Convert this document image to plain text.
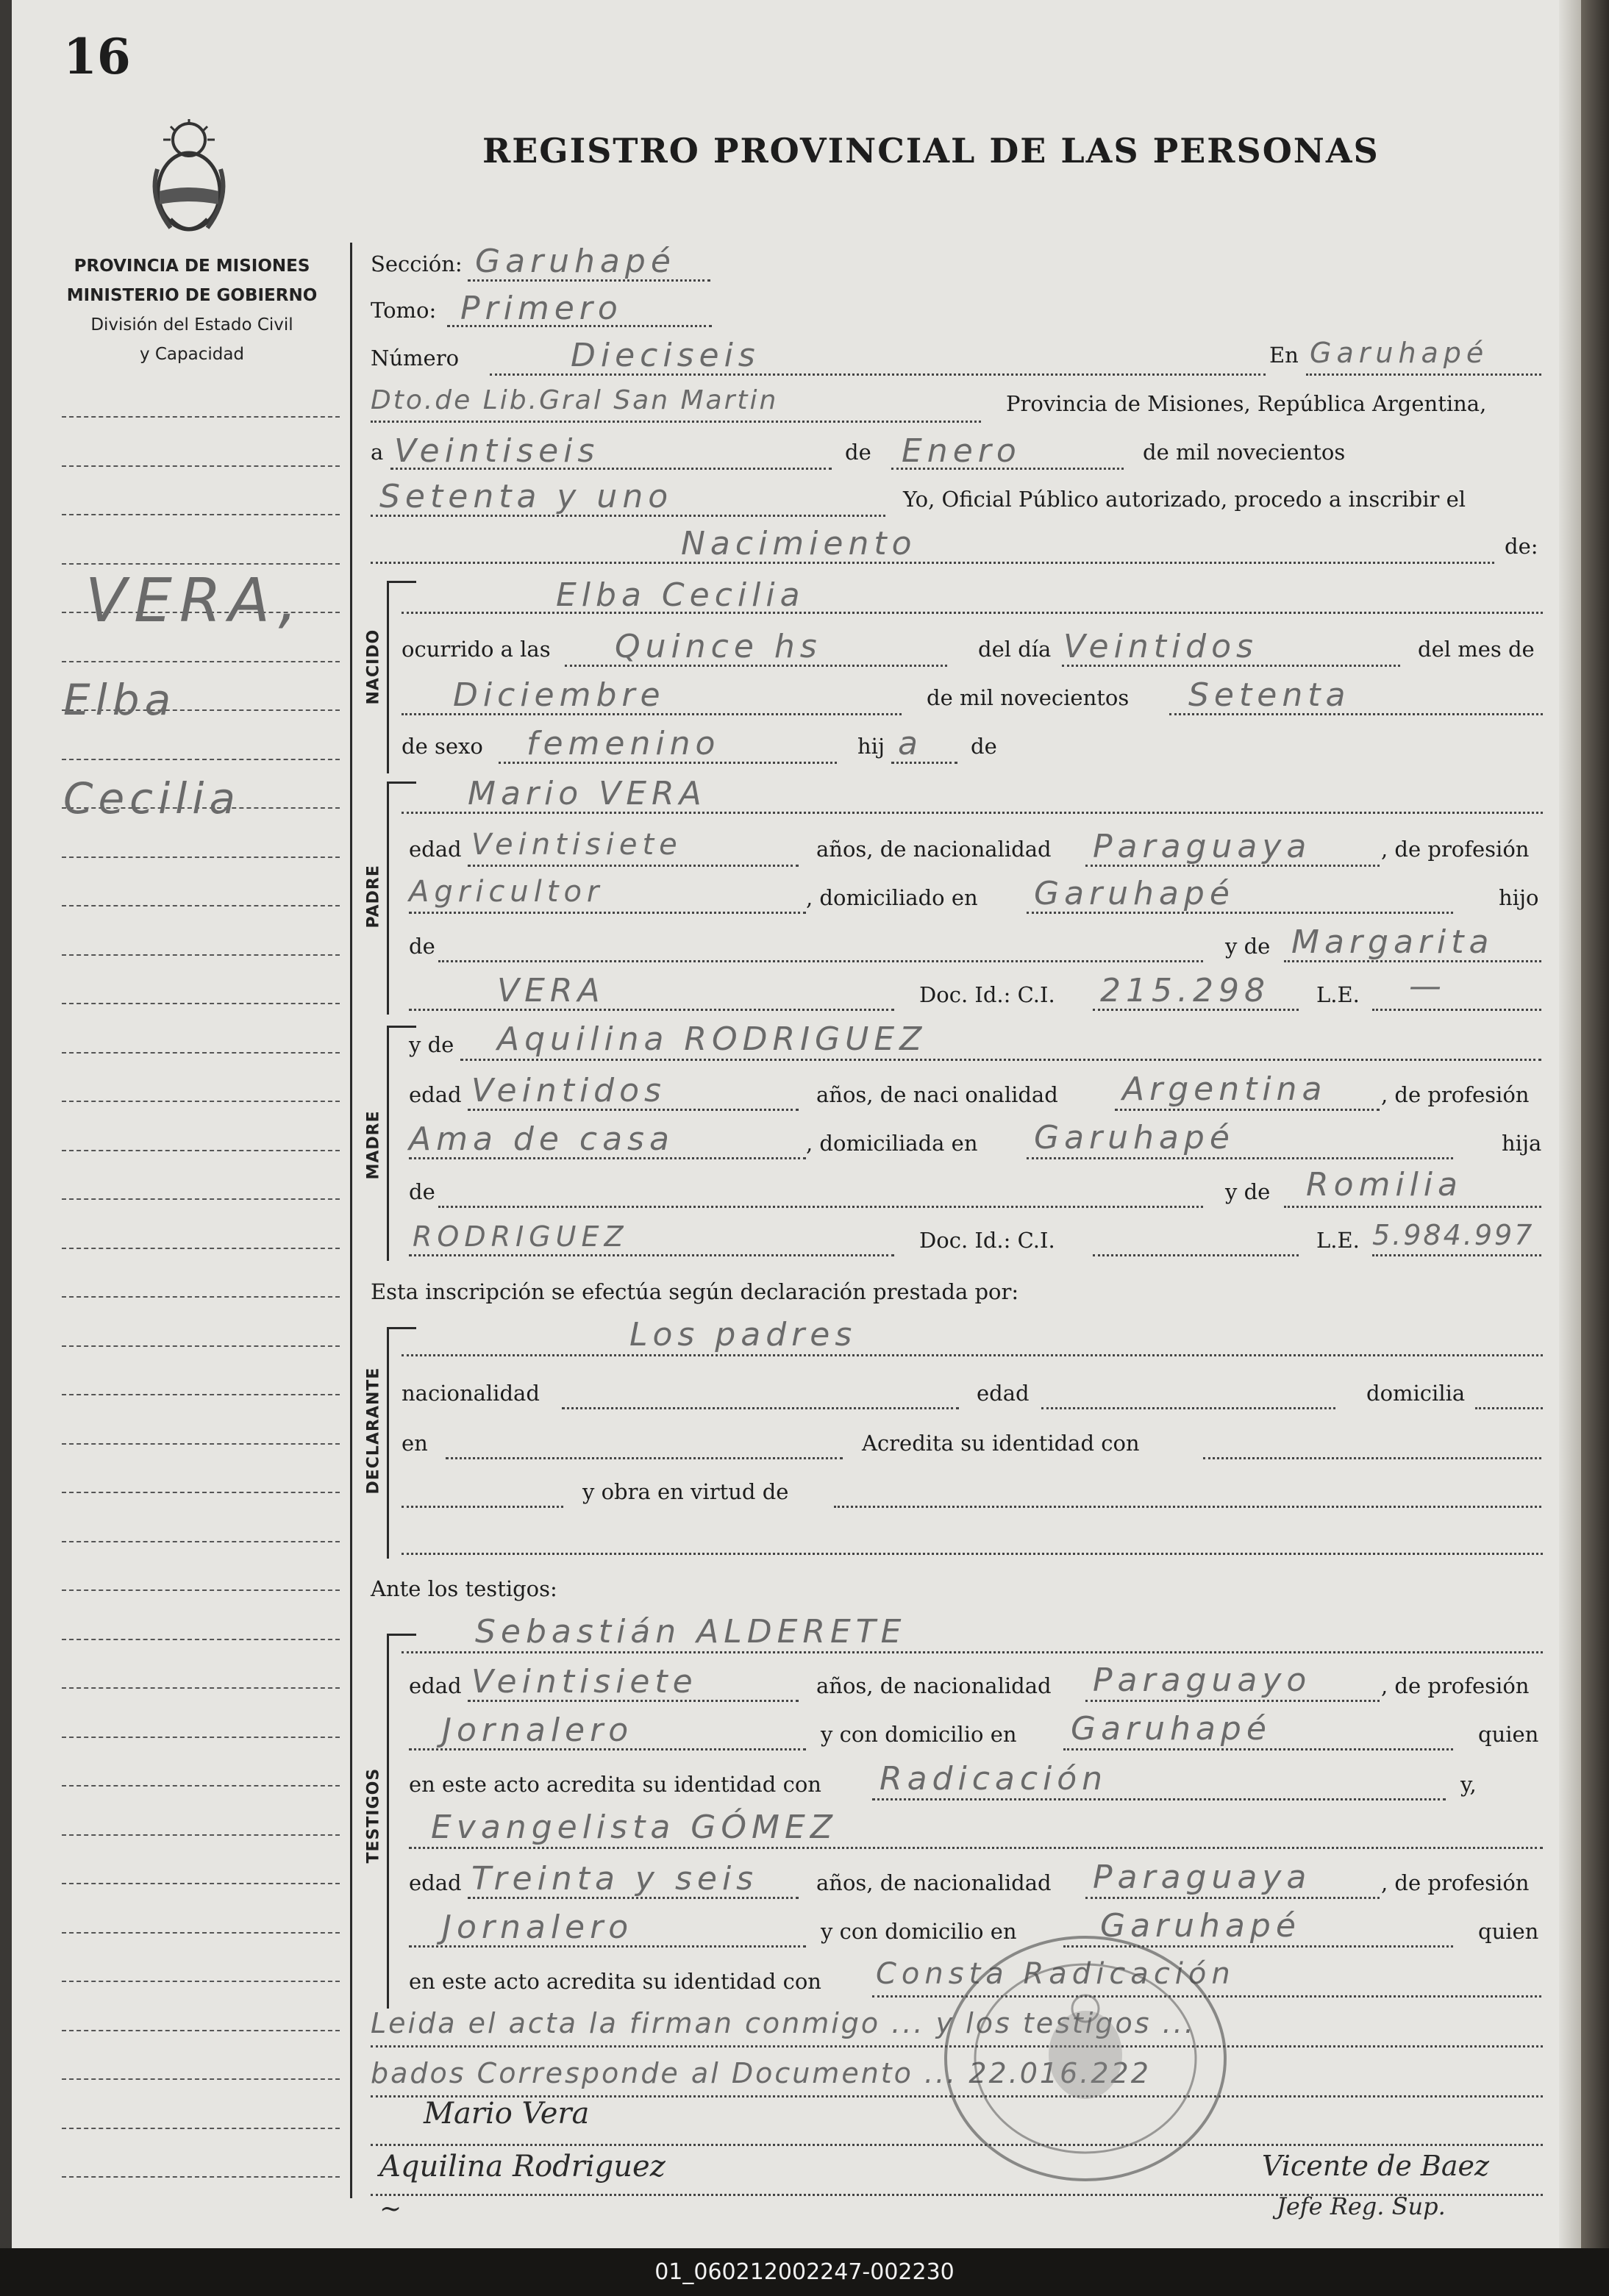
16
REGISTRO PROVINCIAL DE LAS PERSONAS
PROVINCIA DE MISIONES
MINISTERIO DE GOBIERNO
División del Estado Civil
y Capacidad
VERA,
Elba
Cecilia
NACIDO
PADRE
MADRE
DECLARANTE
TESTIGOS
Sección: Garuhapé
Tomo: Primero
Número	Dieciseis	En Garuhapé
Dto.de Lib.Gral San Martin	Provincia de Misiones, República Argentina,
a Veintiseis	de Enero	de mil novecientos
Setenta y uno	Yo, Oficial Público autorizado, procedo a inscribir el
Nacimiento	de:
Elba Cecilia
ocurrido a las Quince hs	del día Veintidos	del mes de
Diciembre	de mil novecientos Setenta
de sexo femenino	hij a de
Mario VERA
edad Veintisiete	años, de nacionalidad Paraguaya	, de profesión
Agricultor	, domiciliado en Garuhapé	hijo
de	y de Margarita
VERA	Doc. Id.: C.I. 215.298 L.E. —
y de Aquilina RODRIGUEZ
edad Veintidos	años, de naci onalidad Argentina	, de profesión
Ama de casa	, domiciliada en Garuhapé	hija
de	y de Romilia
RODRIGUEZ	Doc. Id.: C.I.	L.E. 5.984.997
Esta inscripción se efectúa según declaración prestada por:
Los padres
nacionalidad	edad	domicilia
en	Acredita su identidad con
y obra en virtud de
Ante los testigos:
Sebastián ALDERETE
edad Veintisiete	años, de nacionalidad Paraguayo	, de profesión
Jornalero	y con domicilio en Garuhapé	quien
en este acto acredita su identidad con Radicación	y,
Evangelista GÓMEZ
edad Treinta y seis	años, de nacionalidad Paraguaya	, de profesión
Jornalero	y con domicilio en	Garuhapé	quien
en este acto acredita su identidad con Consta Radicación
Leida el acta la firman conmigo ... y los testigos ...
bados Corresponde al Documento ... 22.016.222
Mario Vera
Aquilina Rodriguez	Vicente de Baez
Jefe Reg. Sup.
~
01_060212002247-002230
